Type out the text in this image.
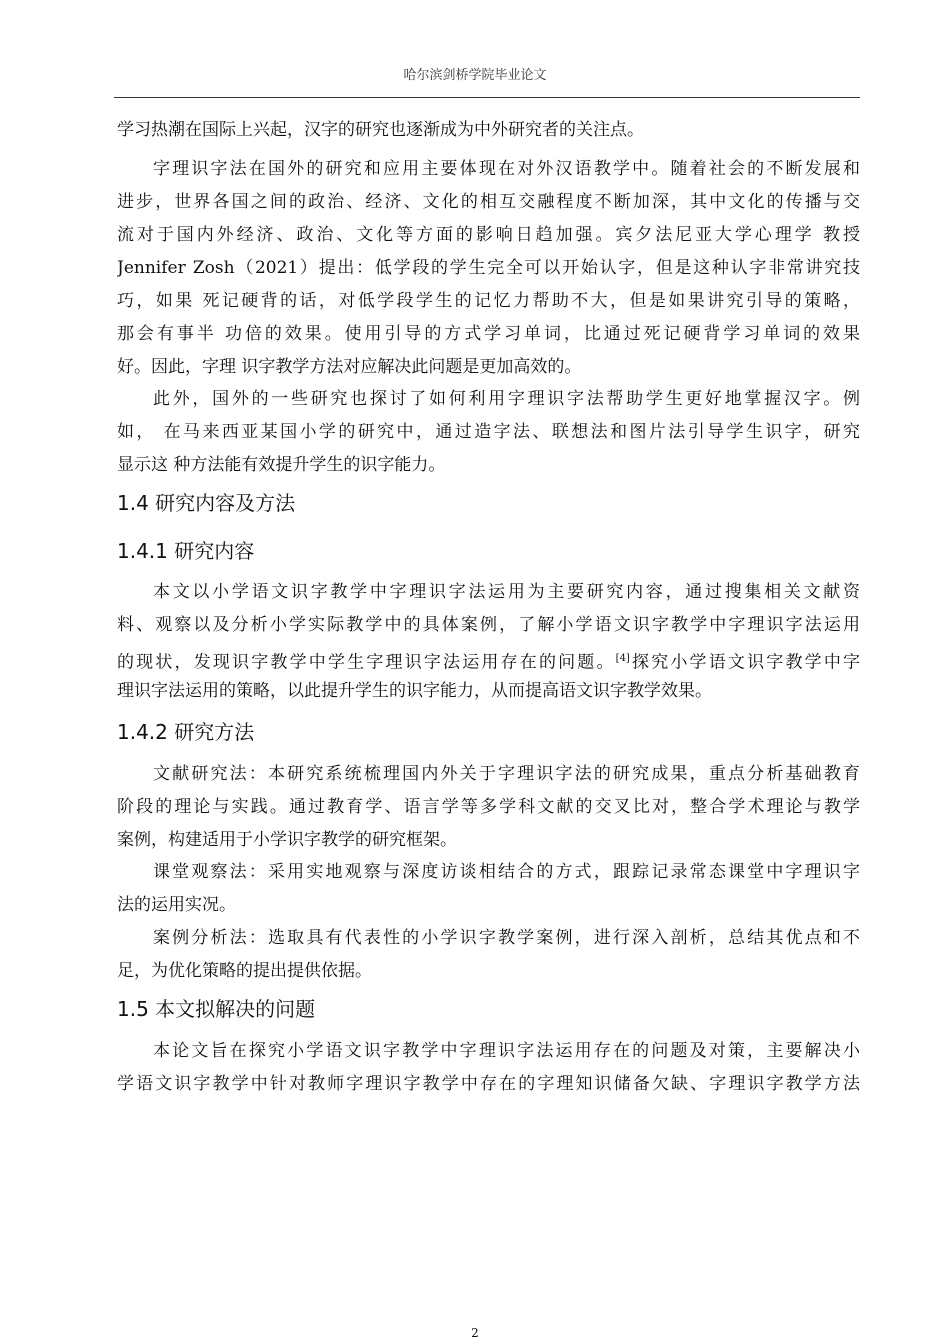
哈尔滨剑桥学院毕业论文
学习热潮在国际上兴起，汉字的研究也逐渐成为中外研究者的关注点。
字理识字法在国外的研究和应用主要体现在对外汉语教学中。随着社会的不断发展和
进步，世界各国之间的政治、经济、文化的相互交融程度不断加深，其中文化的传播与交
流对于国内外经济、政治、文化等方面的影响日趋加强。宾夕法尼亚大学心理学 教授
Jennifer Zosh（2021）提出：低学段的学生完全可以开始认字，但是这种认字非常讲究技
巧，如果 死记硬背的话，对低学段学生的记忆力帮助不大，但是如果讲究引导的策略，
那会有事半 功倍的效果。使用引导的方式学习单词，比通过死记硬背学习单词的效果
好。因此，字理 识字教学方法对应解决此问题是更加高效的。
此外，国外的一些研究也探讨了如何利用字理识字法帮助学生更好地掌握汉字。例
如， 在马来西亚某国小学的研究中，通过造字法、联想法和图片法引导学生识字，研究
显示这 种方法能有效提升学生的识字能力。
1.4 研究内容及方法
1.4.1 研究内容
本文以小学语文识字教学中字理识字法运用为主要研究内容，通过搜集相关文献资
料、观察以及分析小学实际教学中的具体案例，了解小学语文识字教学中字理识字法运用
的现状，发现识字教学中学生字理识字法运用存在的问题。[4]探究小学语文识字教学中字
理识字法运用的策略，以此提升学生的识字能力，从而提高语文识字教学效果。
1.4.2 研究方法
文献研究法：本研究系统梳理国内外关于字理识字法的研究成果，重点分析基础教育
阶段的理论与实践。通过教育学、语言学等多学科文献的交叉比对，整合学术理论与教学
案例，构建适用于小学识字教学的研究框架。
课堂观察法：采用实地观察与深度访谈相结合的方式，跟踪记录常态课堂中字理识字
法的运用实况。
案例分析法：选取具有代表性的小学识字教学案例，进行深入剖析，总结其优点和不
足，为优化策略的提出提供依据。
1.5 本文拟解决的问题
本论文旨在探究小学语文识字教学中字理识字法运用存在的问题及对策，主要解决小
学语文识字教学中针对教师字理识字教学中存在的字理知识储备欠缺、字理识字教学方法
2
